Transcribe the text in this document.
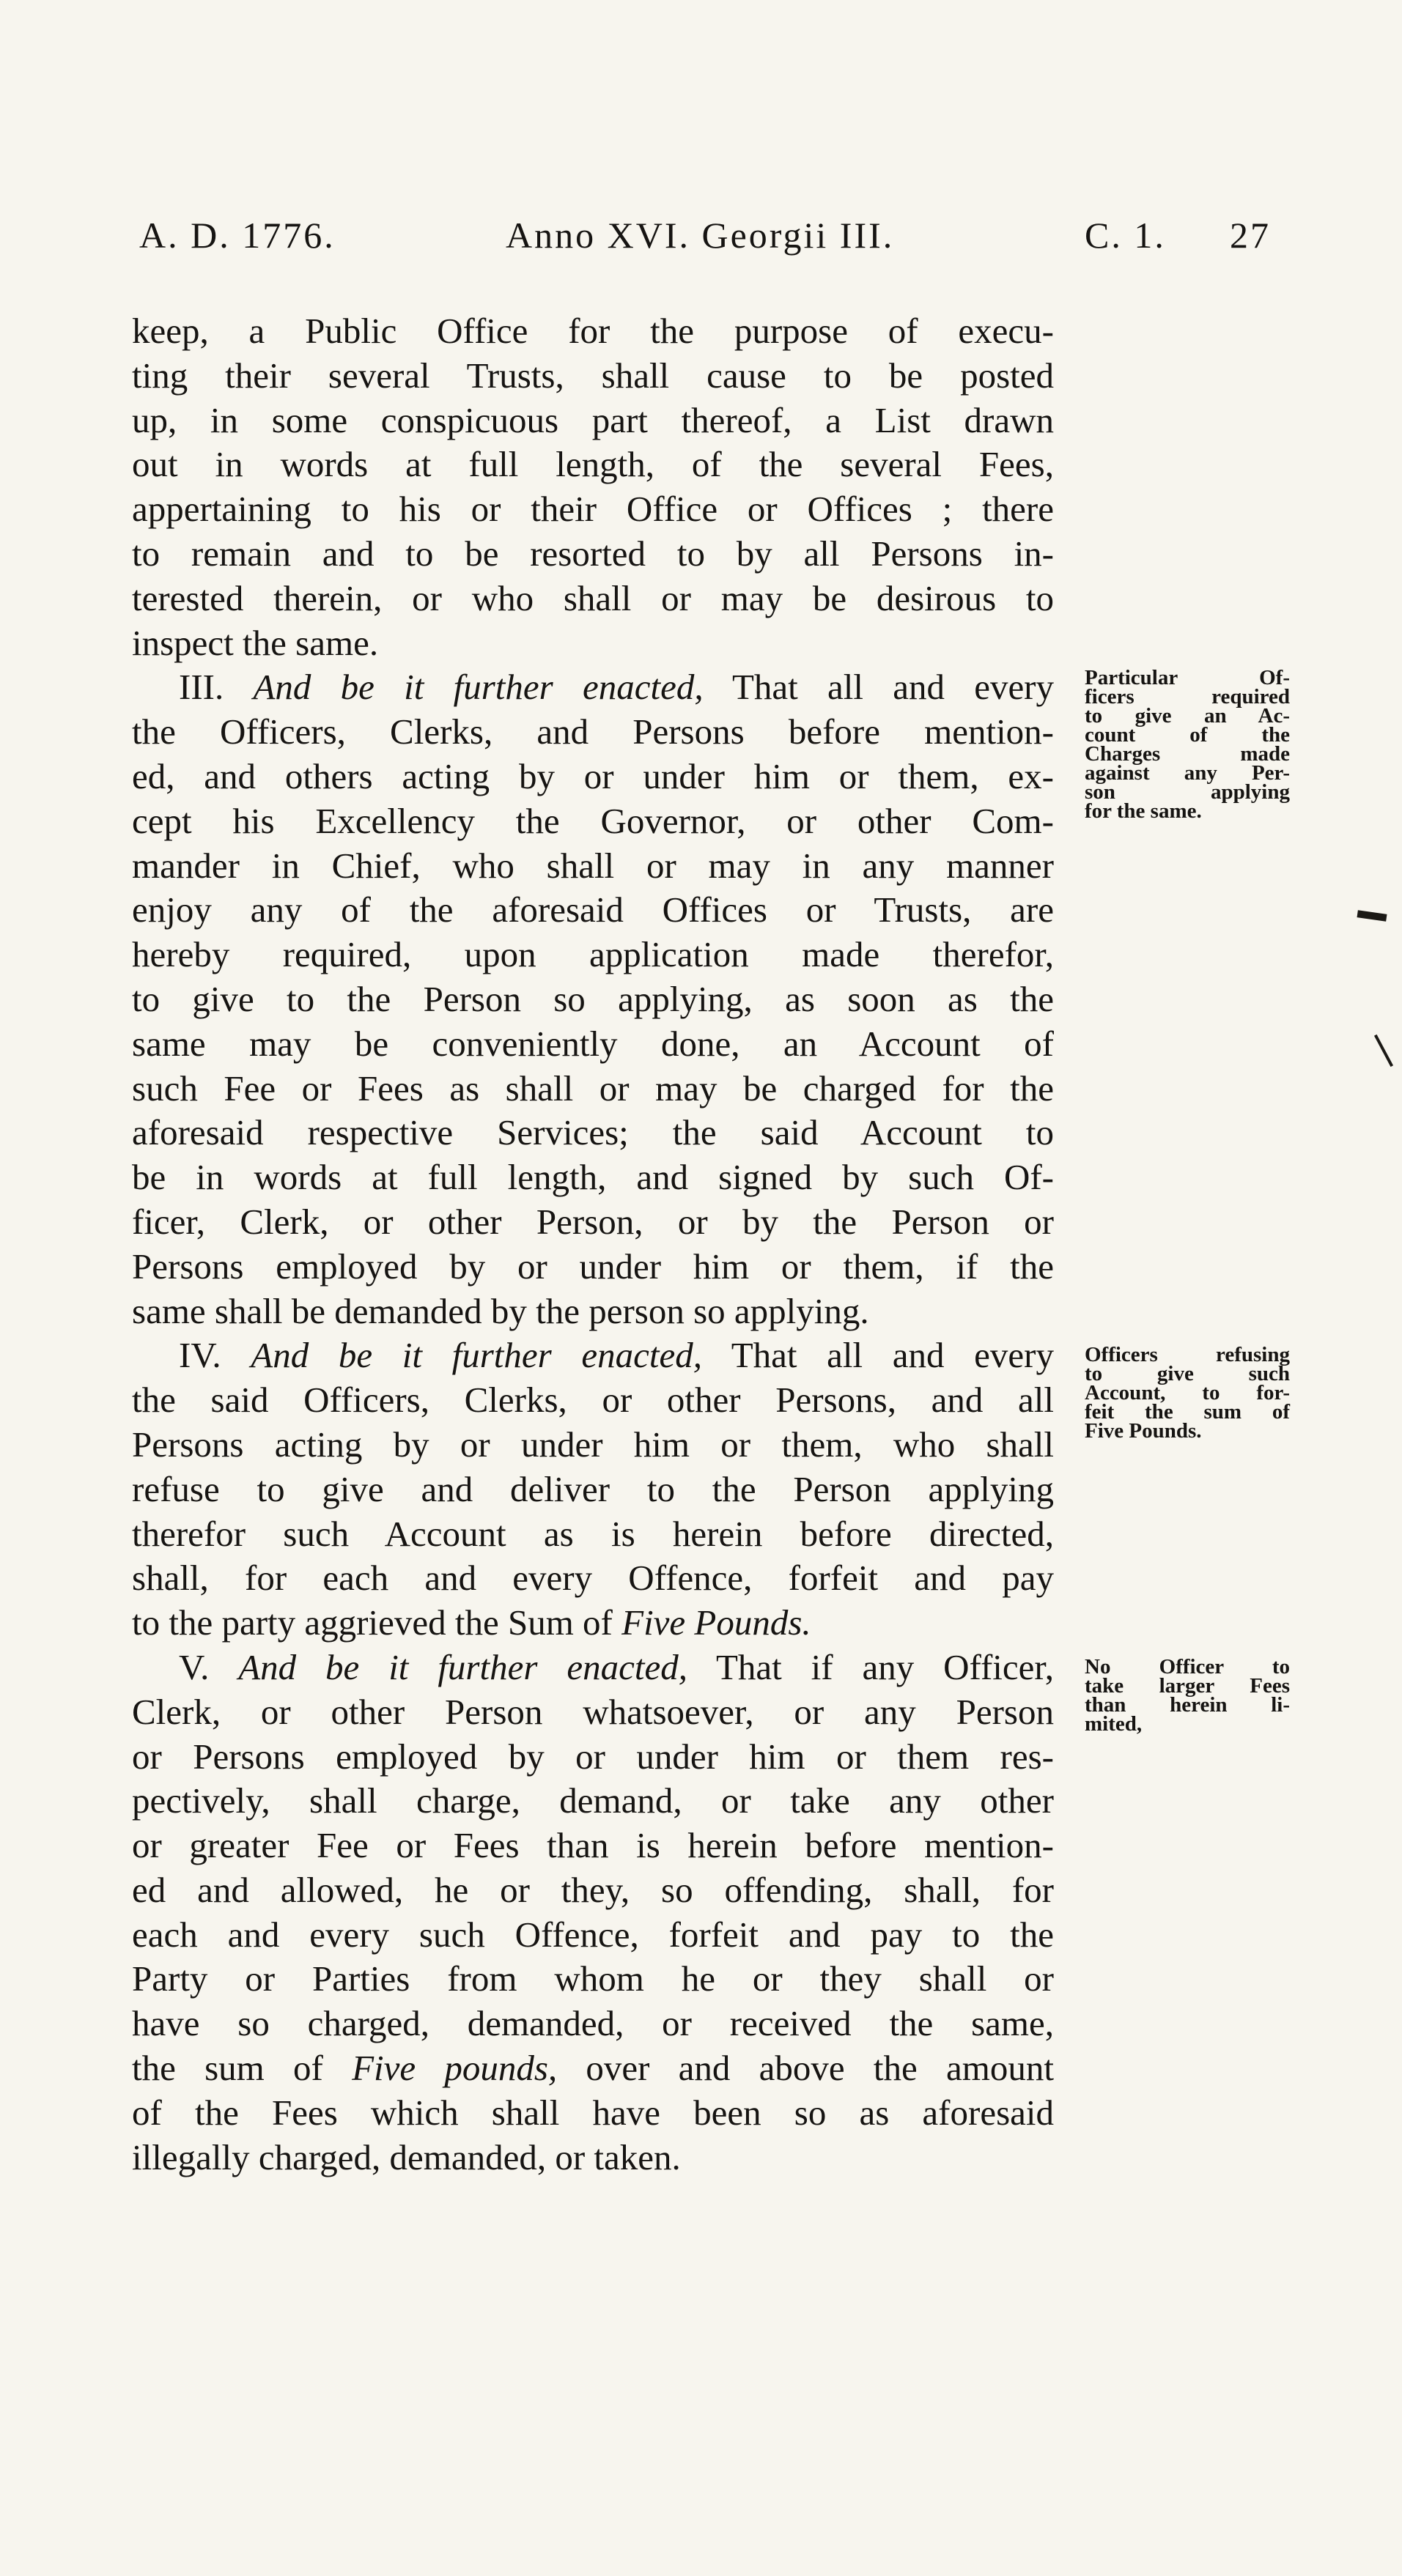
A. D. 1776.	Anno XVI. Georgii III.	C. 1. 27
keep, a Public Office for the purpose of execu-
ting their several Trusts, shall cause to be posted
up, in some conspicuous part thereof, a List drawn
out in words at full length, of the several Fees,
appertaining to his or their Office or Offices ; there
to remain and to be resorted to by all Persons in-
terested therein, or who shall or may be desirous to
inspect the same.
III. And be it further enacted, That all and every
the Officers, Clerks, and Persons before mention-
ed, and others acting by or under him or them, ex-
cept his Excellency the Governor, or other Com-
mander in Chief, who shall or may in any manner
enjoy any of the aforesaid Offices or Trusts, are
hereby required, upon application made therefor,
to give to the Person so applying, as soon as the
same may be conveniently done, an Account of
such Fee or Fees as shall or may be charged for the
aforesaid respective Services; the said Account to
be in words at full length, and signed by such Of-
ficer, Clerk, or other Person, or by the Person or
Persons employed by or under him or them, if the
same shall be demanded by the person so applying.
IV. And be it further enacted, That all and every
the said Officers, Clerks, or other Persons, and all
Persons acting by or under him or them, who shall
refuse to give and deliver to the Person applying
therefor such Account as is herein before directed,
shall, for each and every Offence, forfeit and pay
to the party aggrieved the Sum of Five Pounds.
V. And be it further enacted, That if any Officer,
Clerk, or other Person whatsoever, or any Person
or Persons employed by or under him or them res-
pectively, shall charge, demand, or take any other
or greater Fee or Fees than is herein before mention-
ed and allowed, he or they, so offending, shall, for
each and every such Offence, forfeit and pay to the
Party or Parties from whom he or they shall or
have so charged, demanded, or received the same,
the sum of Five pounds, over and above the amount
of the Fees which shall have been so as aforesaid
illegally charged, demanded, or taken.
Particular Of-
ficers required
to give an Ac-
count of the
Charges made
against any Per-
son applying
for the same.
Officers refusing
to give such
Account, to for-
feit the sum of
Five Pounds.
No Officer to
take larger Fees
than herein li-
mited,
